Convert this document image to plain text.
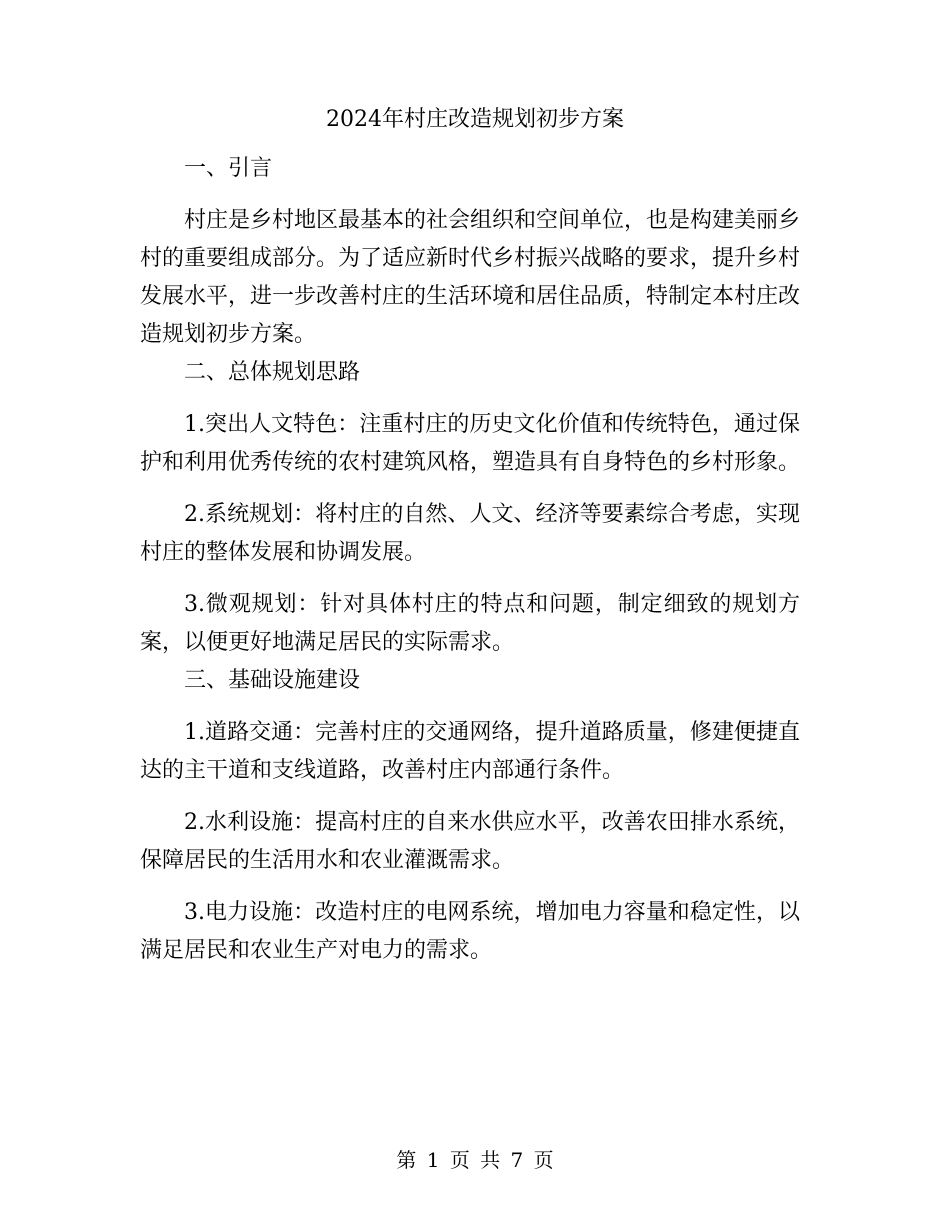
2024年村庄改造规划初步方案

一、引言

村庄是乡村地区最基本的社会组织和空间单位，也是构建美丽乡村的重要组成部分。为了适应新时代乡村振兴战略的要求，提升乡村发展水平，进一步改善村庄的生活环境和居住品质，特制定本村庄改造规划初步方案。

二、总体规划思路

1.突出人文特色：注重村庄的历史文化价值和传统特色，通过保护和利用优秀传统的农村建筑风格，塑造具有自身特色的乡村形象。

2.系统规划：将村庄的自然、人文、经济等要素综合考虑，实现村庄的整体发展和协调发展。

3.微观规划：针对具体村庄的特点和问题，制定细致的规划方案，以便更好地满足居民的实际需求。

三、基础设施建设

1.道路交通：完善村庄的交通网络，提升道路质量，修建便捷直达的主干道和支线道路，改善村庄内部通行条件。

2.水利设施：提高村庄的自来水供应水平，改善农田排水系统，保障居民的生活用水和农业灌溉需求。

3.电力设施：改造村庄的电网系统，增加电力容量和稳定性，以满足居民和农业生产对电力的需求。

第 1 页 共 7 页
